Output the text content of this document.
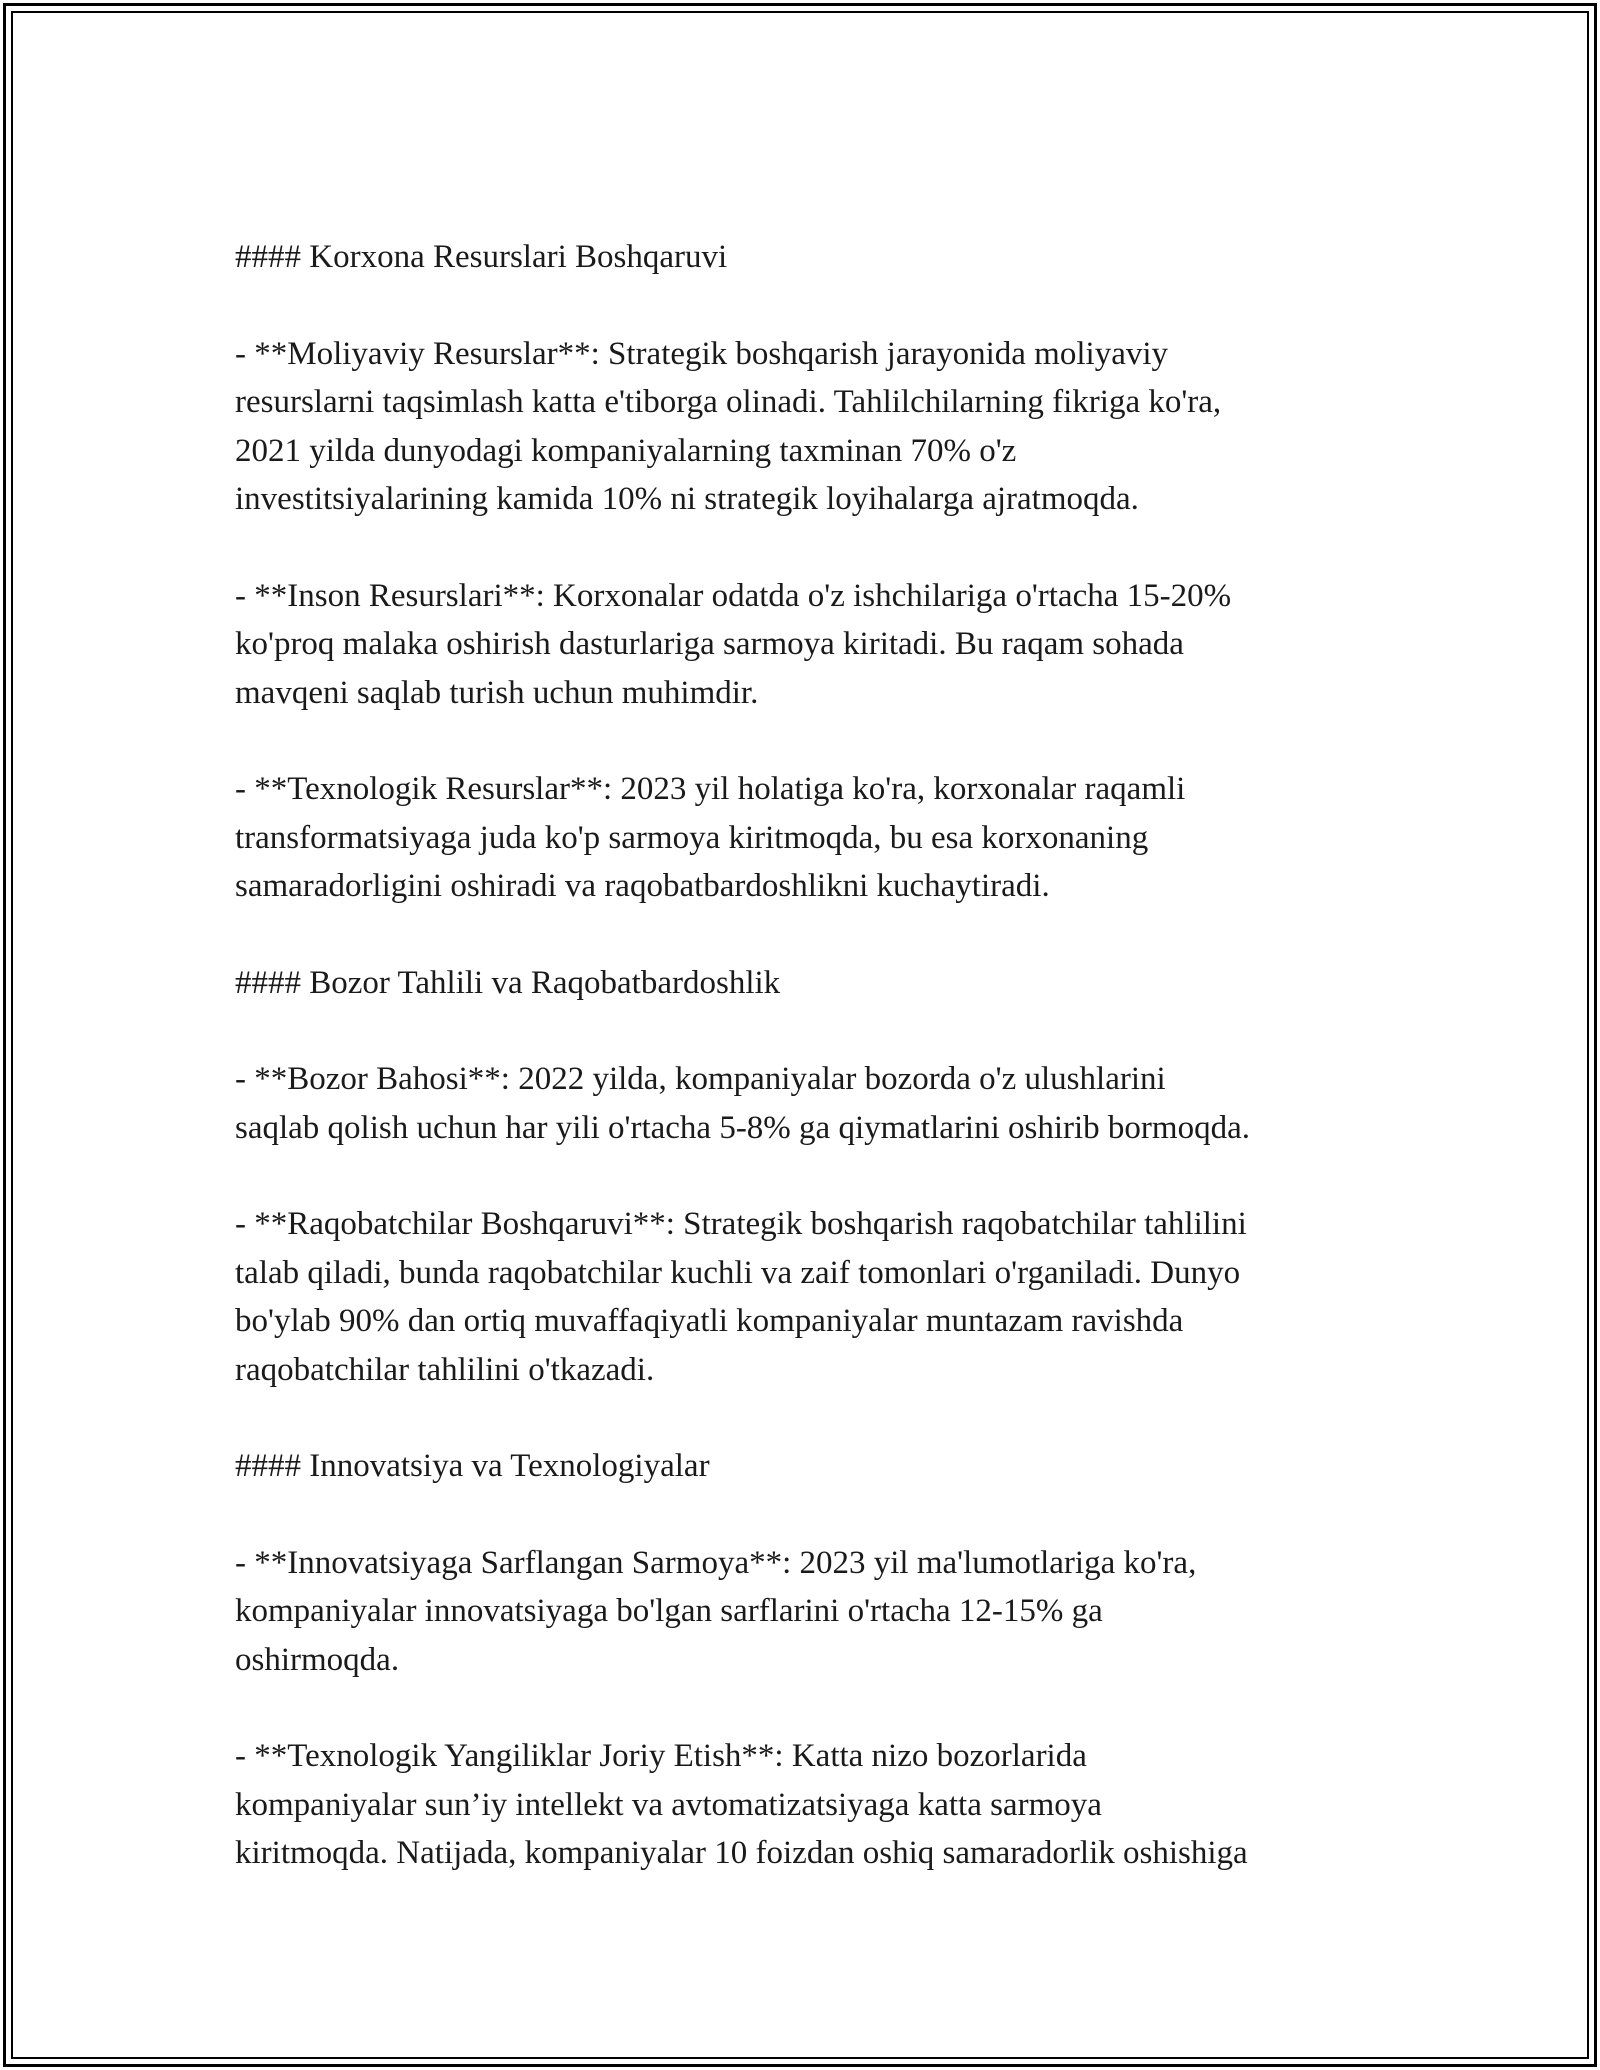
#### Korxona Resurslari Boshqaruvi

- **Moliyaviy Resurslar**: Strategik boshqarish jarayonida moliyaviy
resurslarni taqsimlash katta e'tiborga olinadi. Tahlilchilarning fikriga ko'ra,
2021 yilda dunyodagi kompaniyalarning taxminan 70% o'z
investitsiyalarining kamida 10% ni strategik loyihalarga ajratmoqda.

- **Inson Resurslari**: Korxonalar odatda o'z ishchilariga o'rtacha 15-20%
ko'proq malaka oshirish dasturlariga sarmoya kiritadi. Bu raqam sohada
mavqeni saqlab turish uchun muhimdir.

- **Texnologik Resurslar**: 2023 yil holatiga ko'ra, korxonalar raqamli
transformatsiyaga juda ko'p sarmoya kiritmoqda, bu esa korxonaning
samaradorligini oshiradi va raqobatbardoshlikni kuchaytiradi.

#### Bozor Tahlili va Raqobatbardoshlik

- **Bozor Bahosi**: 2022 yilda, kompaniyalar bozorda o'z ulushlarini
saqlab qolish uchun har yili o'rtacha 5-8% ga qiymatlarini oshirib bormoqda.

- **Raqobatchilar Boshqaruvi**: Strategik boshqarish raqobatchilar tahlilini
talab qiladi, bunda raqobatchilar kuchli va zaif tomonlari o'rganiladi. Dunyo
bo'ylab 90% dan ortiq muvaffaqiyatli kompaniyalar muntazam ravishda
raqobatchilar tahlilini o'tkazadi.

#### Innovatsiya va Texnologiyalar

- **Innovatsiyaga Sarflangan Sarmoya**: 2023 yil ma'lumotlariga ko'ra,
kompaniyalar innovatsiyaga bo'lgan sarflarini o'rtacha 12-15% ga
oshirmoqda.

- **Texnologik Yangiliklar Joriy Etish**: Katta nizo bozorlarida
kompaniyalar sun’iy intellekt va avtomatizatsiyaga katta sarmoya
kiritmoqda. Natijada, kompaniyalar 10 foizdan oshiq samaradorlik oshishiga
